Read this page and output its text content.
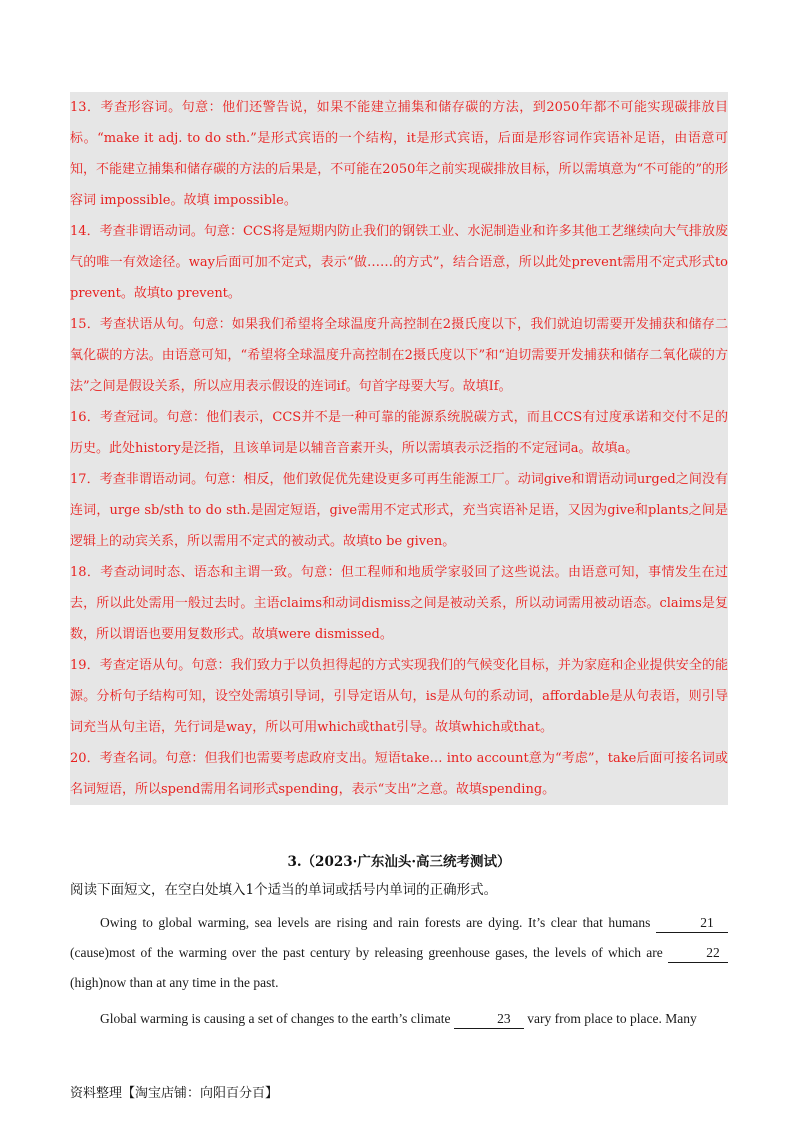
13．考查形容词。句意：他们还警告说，如果不能建立捕集和储存碳的方法，到2050年都不可能实现碳排放目标。“make it adj. to do sth.”是形式宾语的一个结构，it是形式宾语，后面是形容词作宾语补足语，由语意可知，不能建立捕集和储存碳的方法的后果是，不可能在2050年之前实现碳排放目标，所以需填意为“不可能的”的形容词 impossible。故填 impossible。

14．考查非谓语动词。句意：CCS将是短期内防止我们的钢铁工业、水泥制造业和许多其他工艺继续向大气排放废气的唯一有效途径。way后面可加不定式，表示“做……的方式”，结合语意，所以此处prevent需用不定式形式to prevent。故填to prevent。

15．考查状语从句。句意：如果我们希望将全球温度升高控制在2摄氏度以下，我们就迫切需要开发捕获和储存二氧化碳的方法。由语意可知，“希望将全球温度升高控制在2摄氏度以下”和“迫切需要开发捕获和储存二氧化碳的方法”之间是假设关系，所以应用表示假设的连词if。句首字母要大写。故填If。

16．考查冠词。句意：他们表示，CCS并不是一种可靠的能源系统脱碳方式，而且CCS有过度承诺和交付不足的历史。此处history是泛指，且该单词是以辅音音素开头，所以需填表示泛指的不定冠词a。故填a。

17．考查非谓语动词。句意：相反，他们敦促优先建设更多可再生能源工厂。动词give和谓语动词urged之间没有连词，urge sb/sth to do sth.是固定短语，give需用不定式形式，充当宾语补足语，又因为give和plants之间是逻辑上的动宾关系，所以需用不定式的被动式。故填to be given。

18．考查动词时态、语态和主谓一致。句意：但工程师和地质学家驳回了这些说法。由语意可知，事情发生在过去，所以此处需用一般过去时。主语claims和动词dismiss之间是被动关系，所以动词需用被动语态。claims是复数，所以谓语也要用复数形式。故填were dismissed。

19．考查定语从句。句意：我们致力于以负担得起的方式实现我们的气候变化目标，并为家庭和企业提供安全的能源。分析句子结构可知，设空处需填引导词，引导定语从句，is是从句的系动词，affordable是从句表语，则引导词充当从句主语，先行词是way，所以可用which或that引导。故填which或that。

20．考查名词。句意：但我们也需要考虑政府支出。短语take… into account意为“考虑”，take后面可接名词或名词短语，所以spend需用名词形式spending，表示“支出”之意。故填spending。

3.（2023·广东汕头·高三统考测试）
阅读下面短文，在空白处填入1个适当的单词或括号内单词的正确形式。

Owing to global warming, sea levels are rising and rain forests are dying. It’s clear that humans	21 (cause)most of the warming over the past century by releasing greenhouse gases, the levels of which are	22 (high)now than at any time in the past.

Global warming is causing a set of changes to the earth’s climate	23 vary from place to place. Many

资料整理【淘宝店铺：向阳百分百】
